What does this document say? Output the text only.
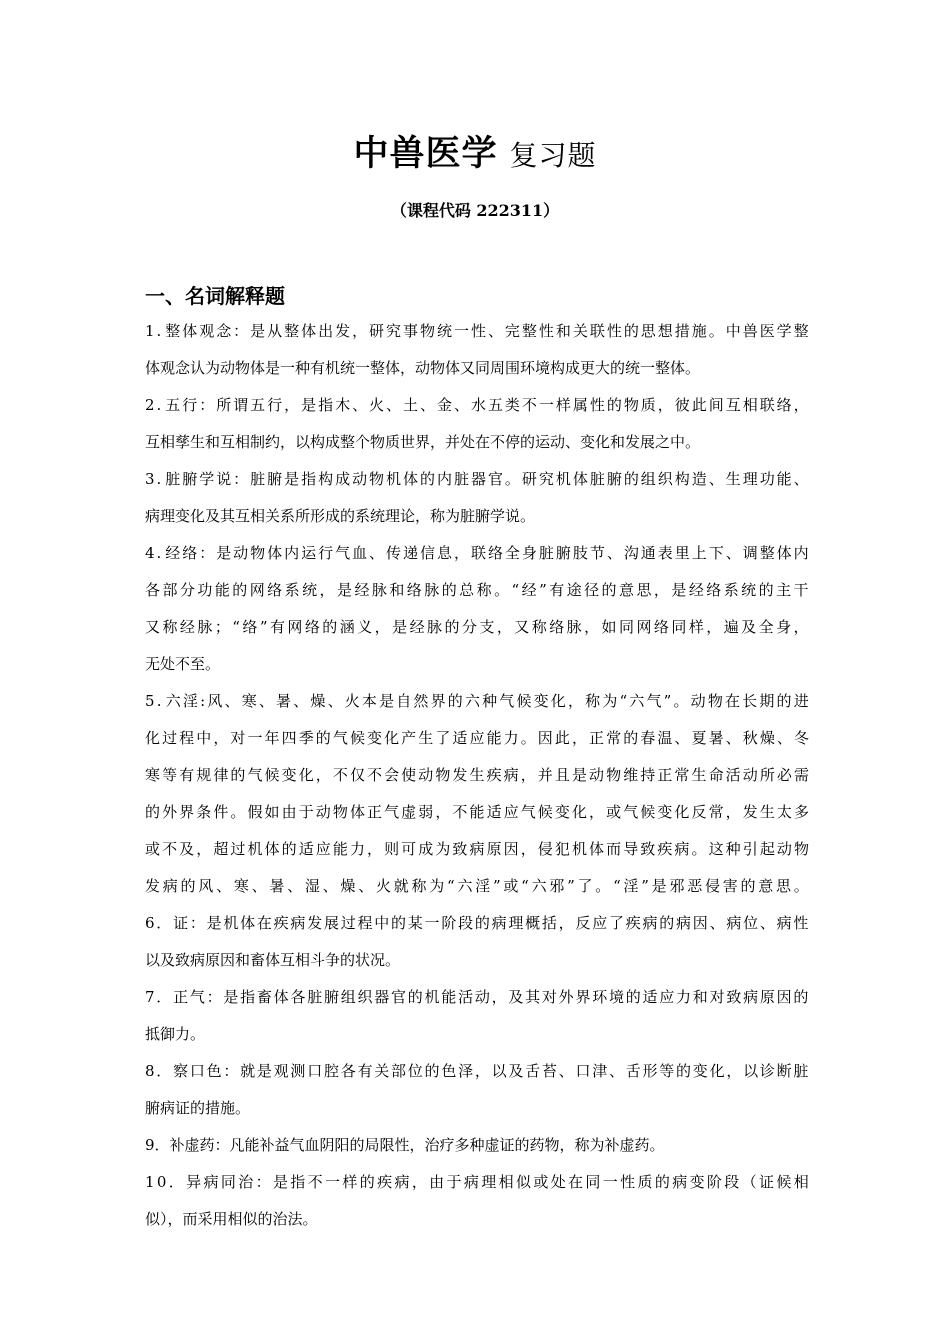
中兽医学 复习题
（课程代码 222311）
一、名词解释题
1 . 整 体 观 念 ： 是 从 整 体 出 发 ， 研 究 事 物 统 一 性 、 完 整 性 和 关 联 性 的 思 想 措 施 。 中 兽 医 学 整
体观念认为动物体是一种有机统一整体，动物体又同周围环境构成更大的统一整体。
2 . 五 行 ： 所 谓 五 行 ， 是 指 木 、 火 、 土 、 金 、 水 五 类 不 一 样 属 性 的 物 质 ， 彼 此 间 互 相 联 络 ，
互相孳生和互相制约，以构成整个物质世界，并处在不停的运动、变化和发展之中。
3 . 脏 腑 学 说 ： 脏 腑 是 指 构 成 动 物 机 体 的 内 脏 器 官 。 研 究 机 体 脏 腑 的 组 织 构 造 、 生 理 功 能 、
病理变化及其互相关系所形成的系统理论，称为脏腑学说。
4 . 经 络 ： 是 动 物 体 内 运 行 气 血 、 传 递 信 息 ， 联 络 全 身 脏 腑 肢 节 、 沟 通 表 里 上 下 、 调 整 体 内
各 部 分 功 能 的 网 络 系 统 ， 是 经 脉 和 络 脉 的 总 称 。 “ 经 ” 有 途 径 的 意 思 ， 是 经 络 系 统 的 主 干
又 称 经 脉 ； “ 络 ” 有 网 络 的 涵 义 ， 是 经 脉 的 分 支 ， 又 称 络 脉 ， 如 同 网 络 同 样 ， 遍 及 全 身 ，
无处不至。
5 . 六 淫 : 风 、 寒 、 暑 、 燥 、 火 本 是 自 然 界 的 六 种 气 候 变 化 ， 称 为 “ 六 气 ” 。 动 物 在 长 期 的 进
化 过 程 中 ， 对 一 年 四 季 的 气 候 变 化 产 生 了 适 应 能 力 。 因 此 ， 正 常 的 春 温 、 夏 暑 、 秋 燥 、 冬
寒 等 有 规 律 的 气 候 变 化 ， 不 仅 不 会 使 动 物 发 生 疾 病 ， 并 且 是 动 物 维 持 正 常 生 命 活 动 所 必 需
的 外 界 条 件 。 假 如 由 于 动 物 体 正 气 虚 弱 ， 不 能 适 应 气 候 变 化 ， 或 气 候 变 化 反 常 ， 发 生 太 多
或 不 及 ， 超 过 机 体 的 适 应 能 力 ， 则 可 成 为 致 病 原 因 ， 侵 犯 机 体 而 导 致 疾 病 。 这 种 引 起 动 物
发 病 的 风 、 寒 、 暑 、 湿 、 燥 、 火 就 称 为 “ 六 淫 ” 或 “ 六 邪 ” 了 。 “ 淫 ” 是 邪 恶 侵 害 的 意 思 。
6 ． 证 ： 是 机 体 在 疾 病 发 展 过 程 中 的 某 一 阶 段 的 病 理 概 括 ， 反 应 了 疾 病 的 病 因 、 病 位 、 病 性
以及致病原因和畜体互相斗争的状况。
7 ． 正 气 ： 是 指 畜 体 各 脏 腑 组 织 器 官 的 机 能 活 动 ， 及 其 对 外 界 环 境 的 适 应 力 和 对 致 病 原 因 的
抵御力。
8 ． 察 口 色 ： 就 是 观 测 口 腔 各 有 关 部 位 的 色 泽 ， 以 及 舌 苔 、 口 津 、 舌 形 等 的 变 化 ， 以 诊 断 脏
腑病证的措施。
9．补虚药：凡能补益气血阴阳的局限性，治疗多种虚证的药物，称为补虚药。
1 0 ． 异 病 同 治 ： 是 指 不 一 样 的 疾 病 ， 由 于 病 理 相 似 或 处 在 同 一 性 质 的 病 变 阶 段 （ 证 候 相
似），而采用相似的治法。
